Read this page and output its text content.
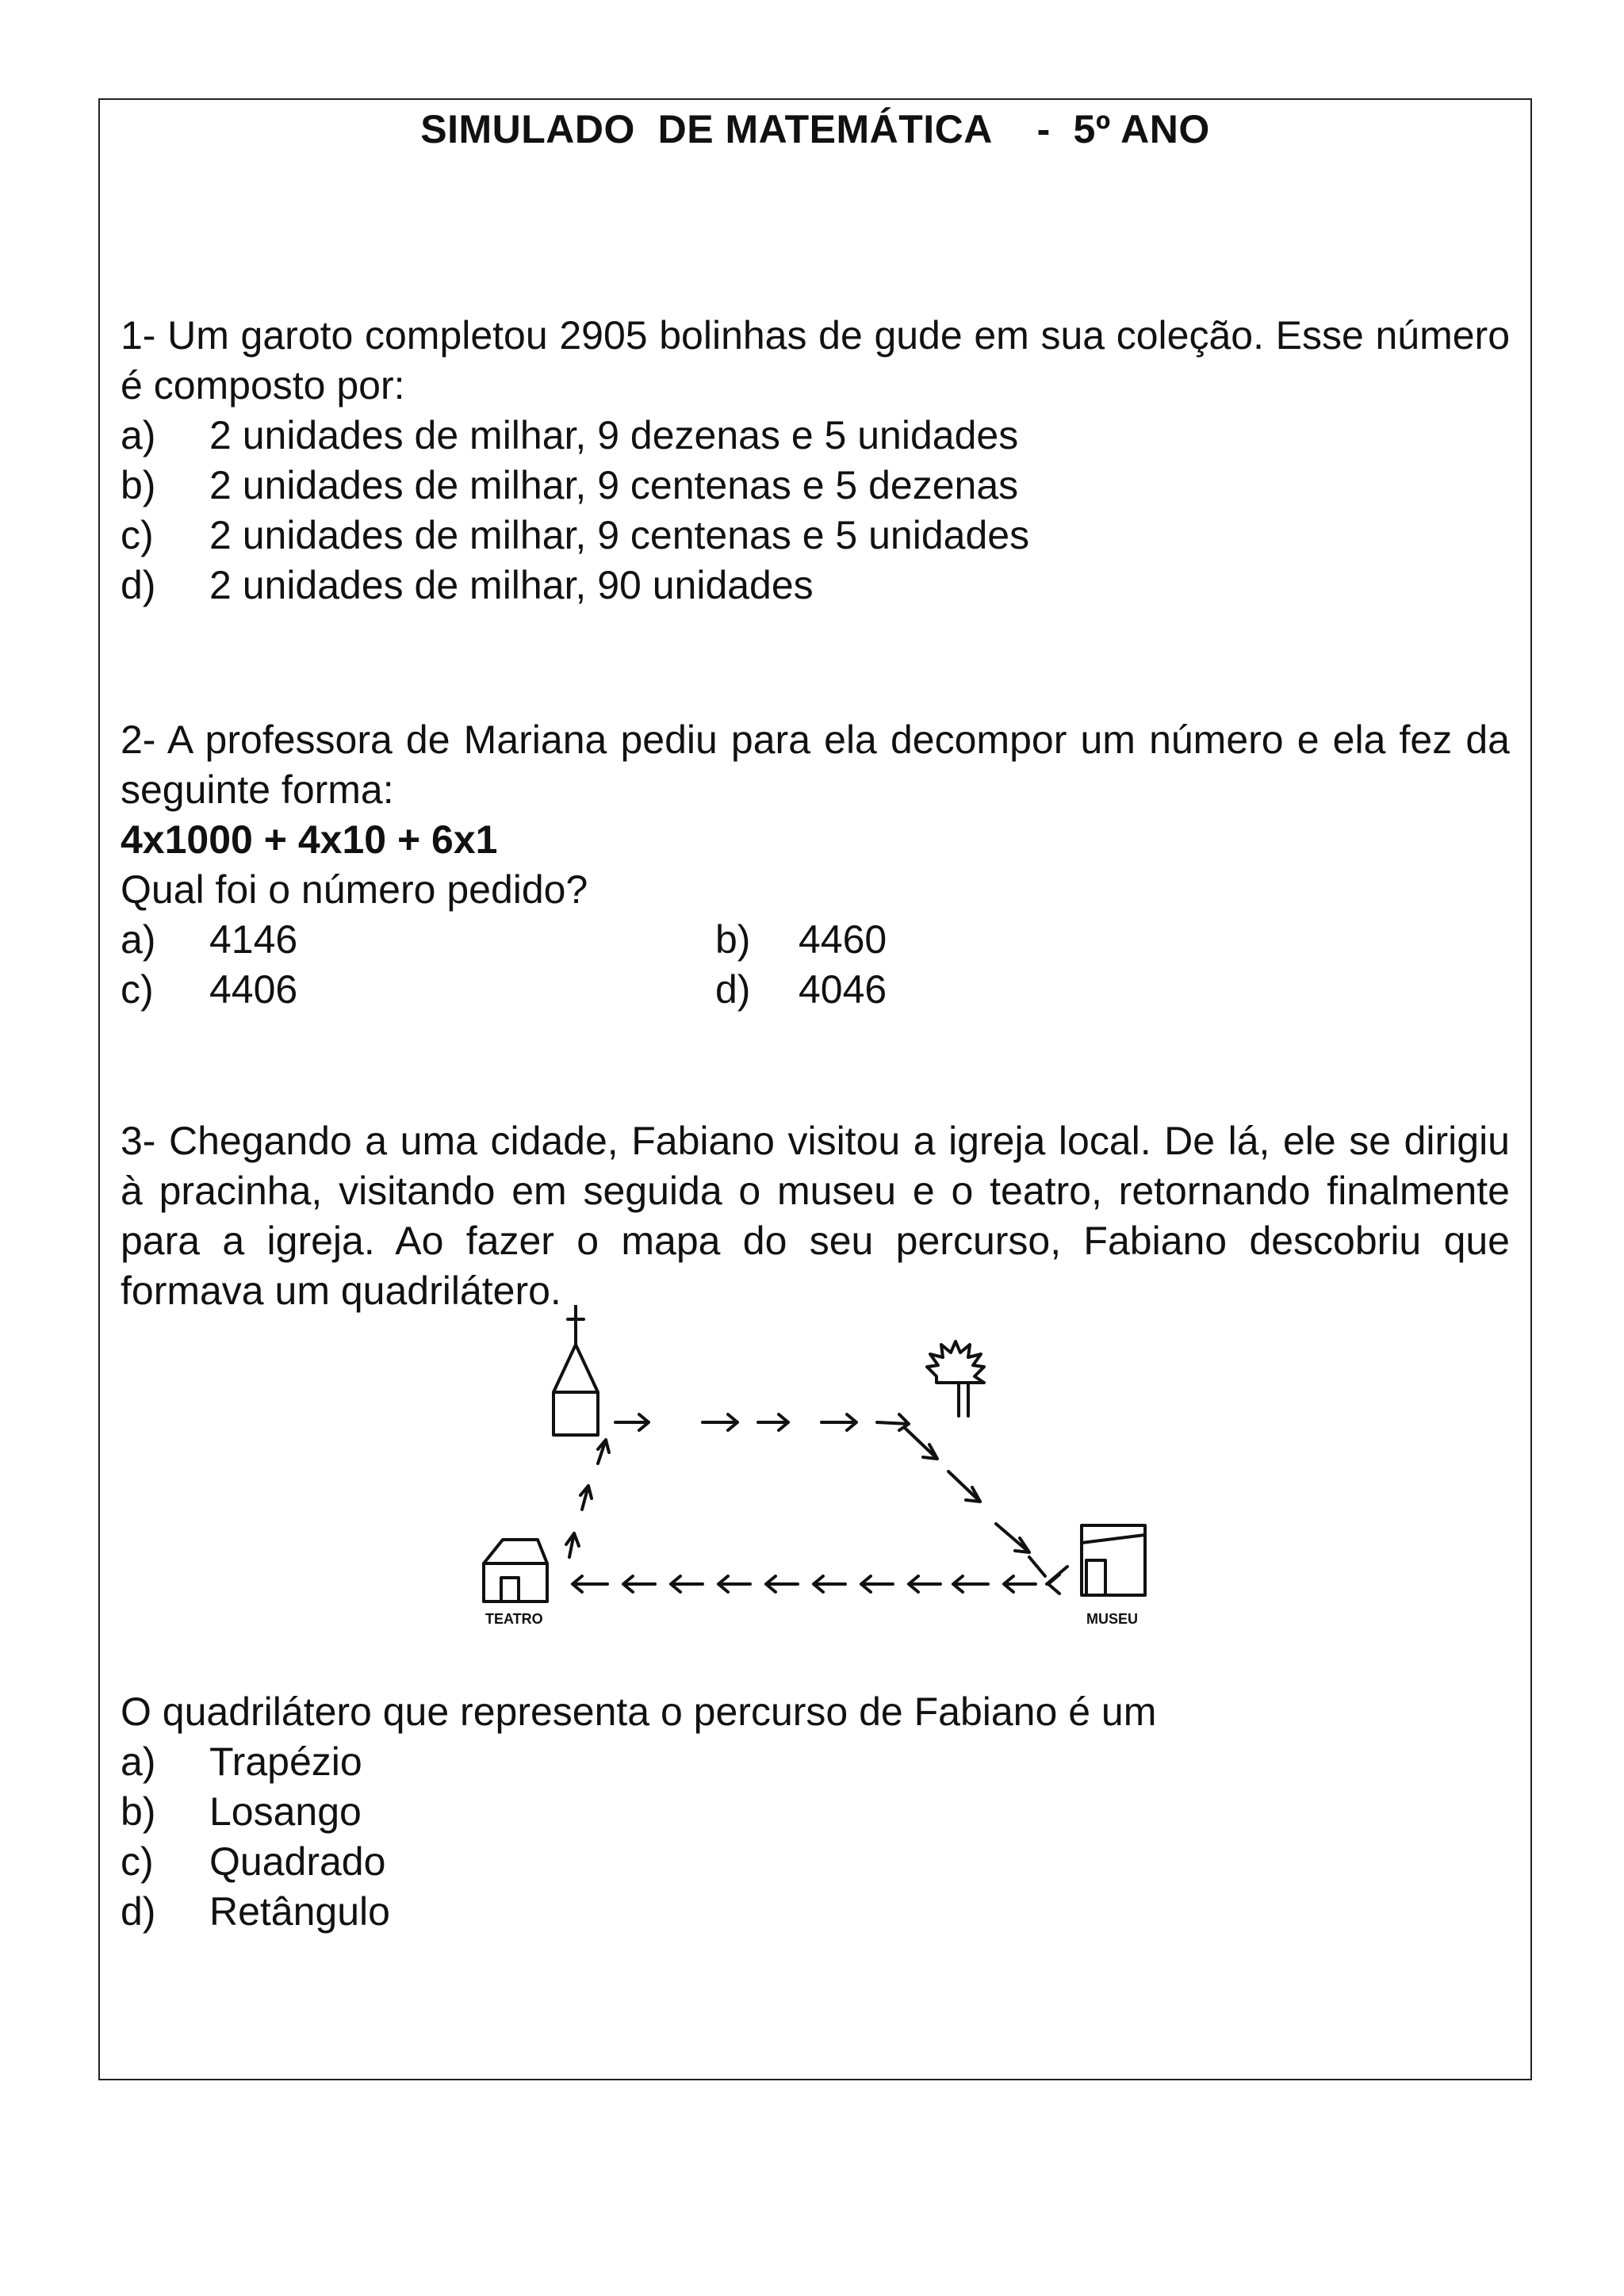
SIMULADO  DE MATEMÁTICA    -  5º ANO
1- Um garoto completou 2905 bolinhas de gude em sua coleção. Esse número é composto por:
a)	2 unidades de milhar, 9 dezenas e 5 unidades
b)	2 unidades de milhar, 9 centenas e 5 dezenas
c)	2 unidades de milhar, 9 centenas e 5 unidades
d)	2 unidades de milhar, 90 unidades
2- A professora de Mariana pediu para ela decompor um número e ela fez da seguinte forma:
4x1000 + 4x10 + 6x1
Qual foi o número pedido?
a)	4146	b)	4460
c)	4406	d)	4046
3- Chegando a uma cidade, Fabiano visitou a igreja local. De lá, ele se dirigiu à pracinha, visitando em seguida o museu e o teatro, retornando finalmente para a igreja. Ao fazer o mapa do seu percurso, Fabiano descobriu que formava um quadrilátero.
TEATRO	MUSEU
O quadrilátero que representa o percurso de Fabiano é um
a)	Trapézio
b)	Losango
c)	Quadrado
d)	Retângulo
